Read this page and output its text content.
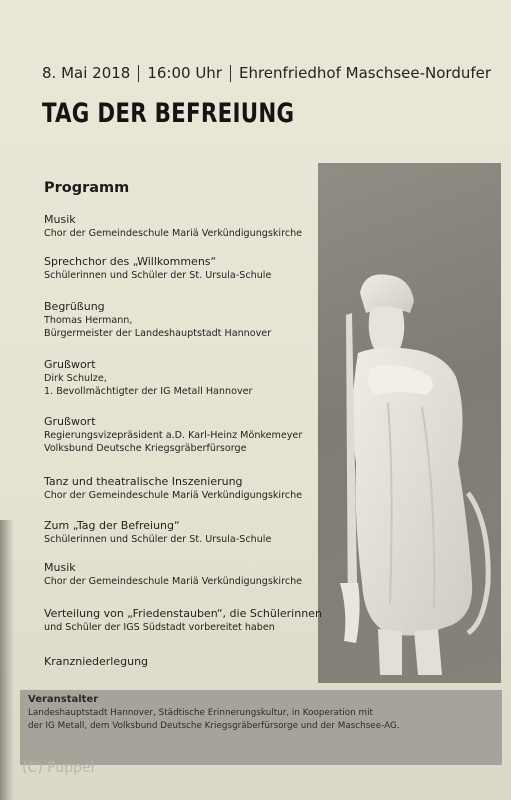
8. Mai 2018 16:00 Uhr Ehrenfriedhof Maschsee-Nordufer
TAG DER BEFREIUNG
Programm
Musik
Chor der Gemeindeschule Mariä Verkündigungskirche
Sprechchor des „Willkommens“
Schülerinnen und Schüler der St. Ursula-Schule
Begrüßung
Thomas Hermann,
Bürgermeister der Landeshauptstadt Hannover
Grußwort
Dirk Schulze,
1. Bevollmächtigter der IG Metall Hannover
Grußwort
Regierungsvizepräsident a.D. Karl-Heinz Mönkemeyer
Volksbund Deutsche Kriegsgräberfürsorge
Tanz und theatralische Inszenierung
Chor der Gemeindeschule Mariä Verkündigungskirche
Zum „Tag der Befreiung“
Schülerinnen und Schüler der St. Ursula-Schule
Musik
Chor der Gemeindeschule Mariä Verkündigungskirche
Verteilung von „Friedenstauben“, die Schülerinnen
und Schüler der IGS Südstadt vorbereitet haben
Kranzniederlegung
Veranstalter
Landeshauptstadt Hannover, Städtische Erinnerungskultur, in Kooperation mit
der IG Metall, dem Volksbund Deutsche Kriegsgräberfürsorge und der Maschsee-AG.
(C) Puppel
